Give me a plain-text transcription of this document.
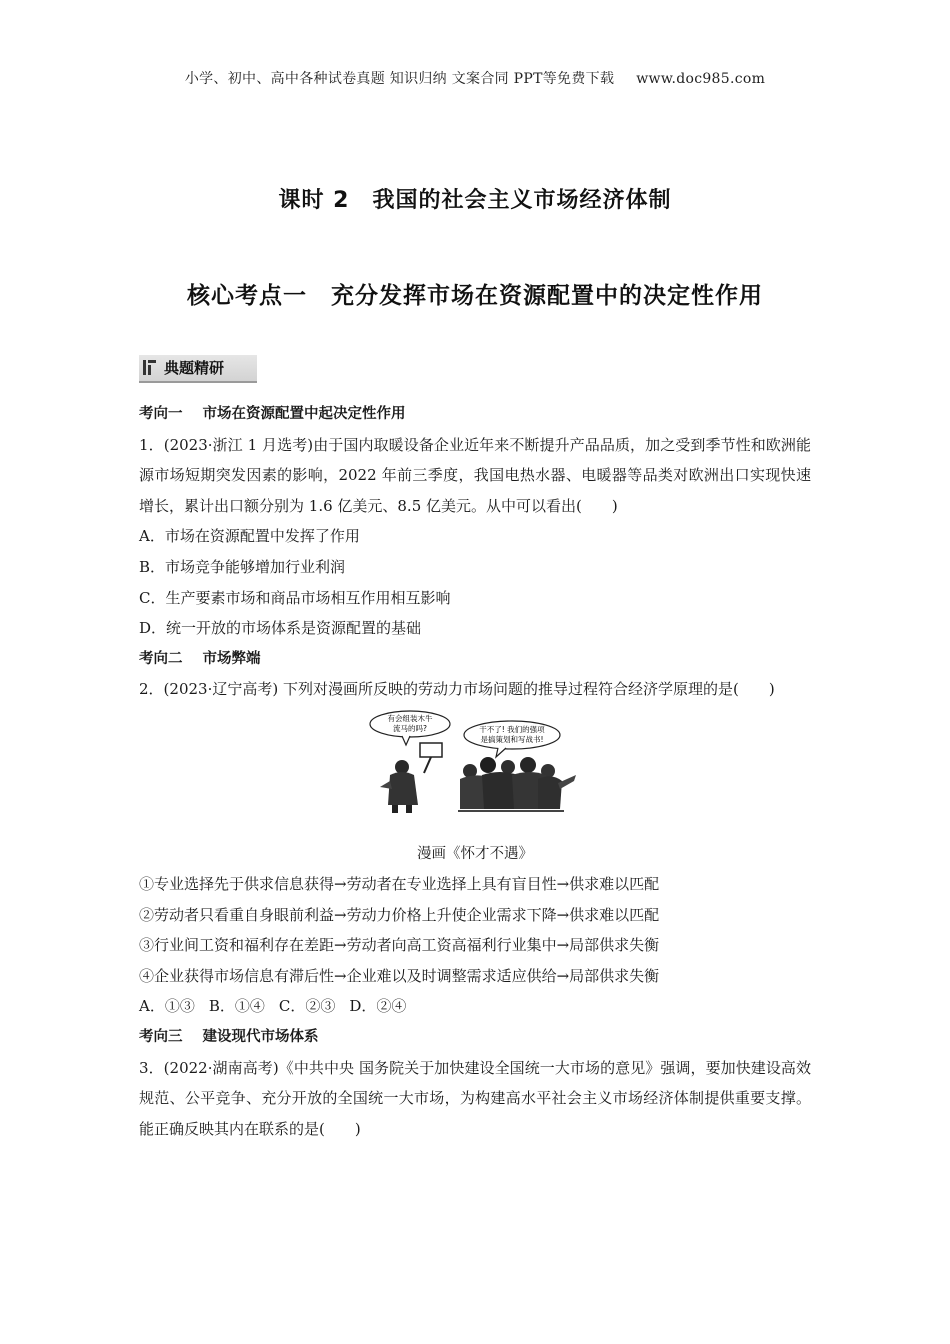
小学、初中、高中各种试卷真题 知识归纳 文案合同 PPT等免费下载 www.doc985.com
课时 2　我国的社会主义市场经济体制
核心考点一　充分发挥市场在资源配置中的决定性作用
典题精研

考向一 市场在资源配置中起决定性作用

1．(2023·浙江 1 月选考)由于国内取暖设备企业近年来不断提升产品品质，加之受到季节性和欧洲能源市场短期突发因素的影响，2022 年前三季度，我国电热水器、电暖器等品类对欧洲出口实现快速增长，累计出口额分别为 1.6 亿美元、8.5 亿美元。从中可以看出(　　)

A．市场在资源配置中发挥了作用

B．市场竞争能够增加行业利润

C．生产要素市场和商品市场相互作用相互影响

D．统一开放的市场体系是资源配置的基础

考向二 市场弊端

2．(2023·辽宁高考) 下列对漫画所反映的劳动力市场问题的推导过程符合经济学原理的是(　　)

有会组装木牛
流马的吗?	干不了! 我们的强项
是搞策划和写战书!
漫画《怀才不遇》

①专业选择先于供求信息获得→劳动者在专业选择上具有盲目性→供求难以匹配

②劳动者只看重自身眼前利益→劳动力价格上升使企业需求下降→供求难以匹配

③行业间工资和福利存在差距→劳动者向高工资高福利行业集中→局部供求失衡

④企业获得市场信息有滞后性→企业难以及时调整需求适应供给→局部供求失衡

A．①③ B．①④ C．②③ D．②④

考向三 建设现代市场体系

3．(2022·湖南高考)《中共中央 国务院关于加快建设全国统一大市场的意见》强调，要加快建设高效规范、公平竞争、充分开放的全国统一大市场，为构建高水平社会主义市场经济体制提供重要支撑。能正确反映其内在联系的是(　　)
